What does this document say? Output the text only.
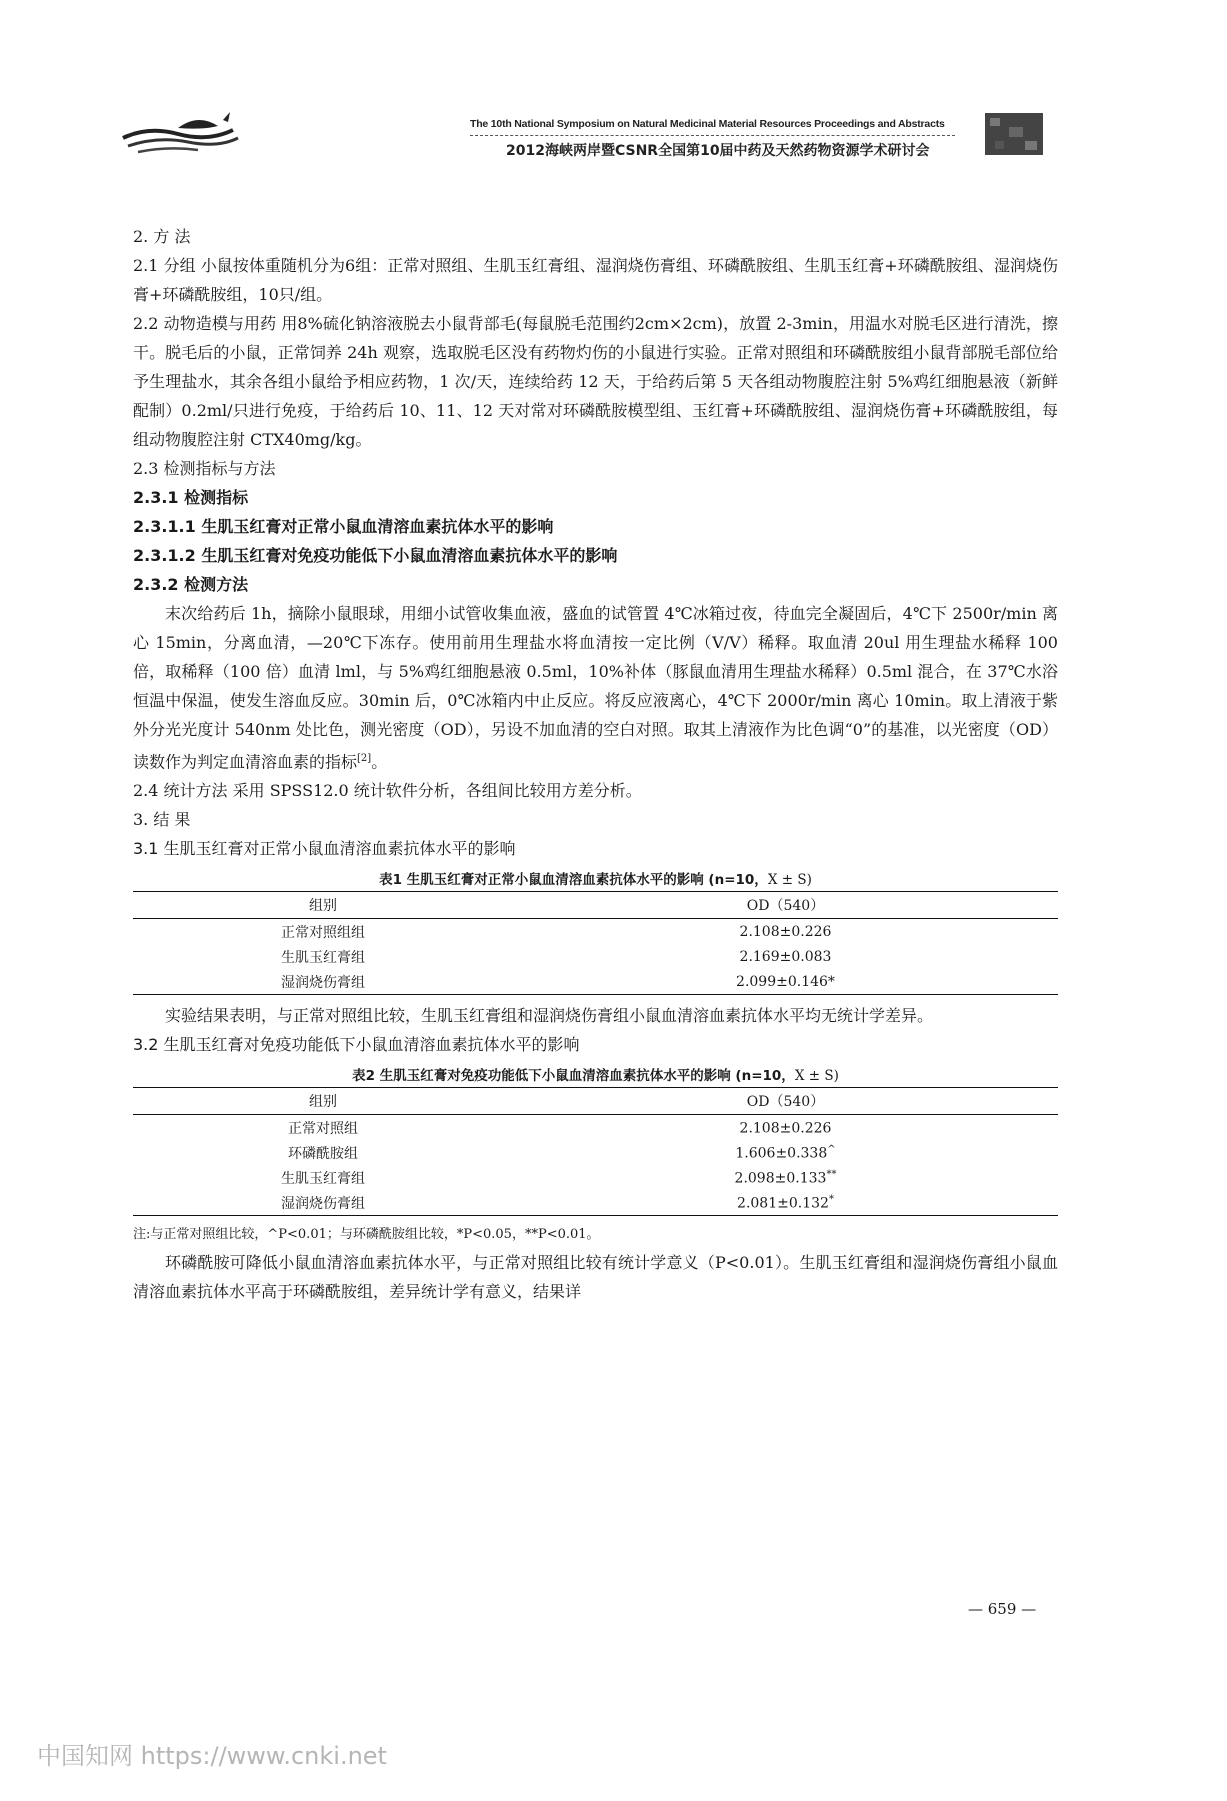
The 10th National Symposium on Natural Medicinal Material Resources Proceedings and Abstracts
2012海峡两岸暨CSNR全国第10届中药及天然药物资源学术研讨会

2. 方 法

2.1 分组 小鼠按体重随机分为6组：正常对照组、生肌玉红膏组、湿润烧伤膏组、环磷酰胺组、生肌玉红膏+环磷酰胺组、湿润烧伤膏+环磷酰胺组，10只/组。

2.2 动物造模与用药 用8%硫化钠溶液脱去小鼠背部毛(每鼠脱毛范围约2cm×2cm)，放置 2-3min，用温水对脱毛区进行清洗，擦干。脱毛后的小鼠，正常饲养 24h 观察，选取脱毛区没有药物灼伤的小鼠进行实验。正常对照组和环磷酰胺组小鼠背部脱毛部位给予生理盐水，其余各组小鼠给予相应药物，1 次/天，连续给药 12 天，于给药后第 5 天各组动物腹腔注射 5%鸡红细胞悬液（新鲜配制）0.2ml/只进行免疫，于给药后 10、11、12 天对常对环磷酰胺模型组、玉红膏+环磷酰胺组、湿润烧伤膏+环磷酰胺组，每组动物腹腔注射 CTX40mg/kg。

2.3 检测指标与方法

2.3.1 检测指标

2.3.1.1 生肌玉红膏对正常小鼠血清溶血素抗体水平的影响

2.3.1.2 生肌玉红膏对免疫功能低下小鼠血清溶血素抗体水平的影响

2.3.2 检测方法

末次给药后 1h，摘除小鼠眼球，用细小试管收集血液，盛血的试管置 4℃冰箱过夜，待血完全凝固后，4℃下 2500r/min 离心 15min，分离血清，—20℃下冻存。使用前用生理盐水将血清按一定比例（V/V）稀释。取血清 20ul 用生理盐水稀释 100 倍，取稀释（100 倍）血清 lml，与 5%鸡红细胞悬液 0.5ml，10%补体（豚鼠血清用生理盐水稀释）0.5ml 混合，在 37℃水浴恒温中保温，使发生溶血反应。30min 后，0℃冰箱内中止反应。将反应液离心，4℃下 2000r/min 离心 10min。取上清液于紫外分光光度计 540nm 处比色，测光密度（OD），另设不加血清的空白对照。取其上清液作为比色调“0”的基准，以光密度（OD）读数作为判定血清溶血素的指标[2]。

2.4 统计方法 采用 SPSS12.0 统计软件分析，各组间比较用方差分析。

3. 结 果

3.1 生肌玉红膏对正常小鼠血清溶血素抗体水平的影响

表1 生肌玉红膏对正常小鼠血清溶血素抗体水平的影响 (n=10，X ± S)
组别	OD（540）
正常对照组组	2.108±0.226
生肌玉红膏组	2.169±0.083
湿润烧伤膏组	2.099±0.146*

实验结果表明，与正常对照组比较，生肌玉红膏组和湿润烧伤膏组小鼠血清溶血素抗体水平均无统计学差异。

3.2 生肌玉红膏对免疫功能低下小鼠血清溶血素抗体水平的影响

表2 生肌玉红膏对免疫功能低下小鼠血清溶血素抗体水平的影响 (n=10，X ± S)
组别	OD（540）
正常对照组	2.108±0.226
环磷酰胺组	1.606±0.338^
生肌玉红膏组	2.098±0.133**
湿润烧伤膏组	2.081±0.132*

注:与正常对照组比较，^P<0.01；与环磷酰胺组比较，*P<0.05，**P<0.01。

环磷酰胺可降低小鼠血清溶血素抗体水平，与正常对照组比较有统计学意义（P<0.01）。生肌玉红膏组和湿润烧伤膏组小鼠血清溶血素抗体水平高于环磷酰胺组，差异统计学有意义，结果详

— 659 —
中国知网 https://www.cnki.net
